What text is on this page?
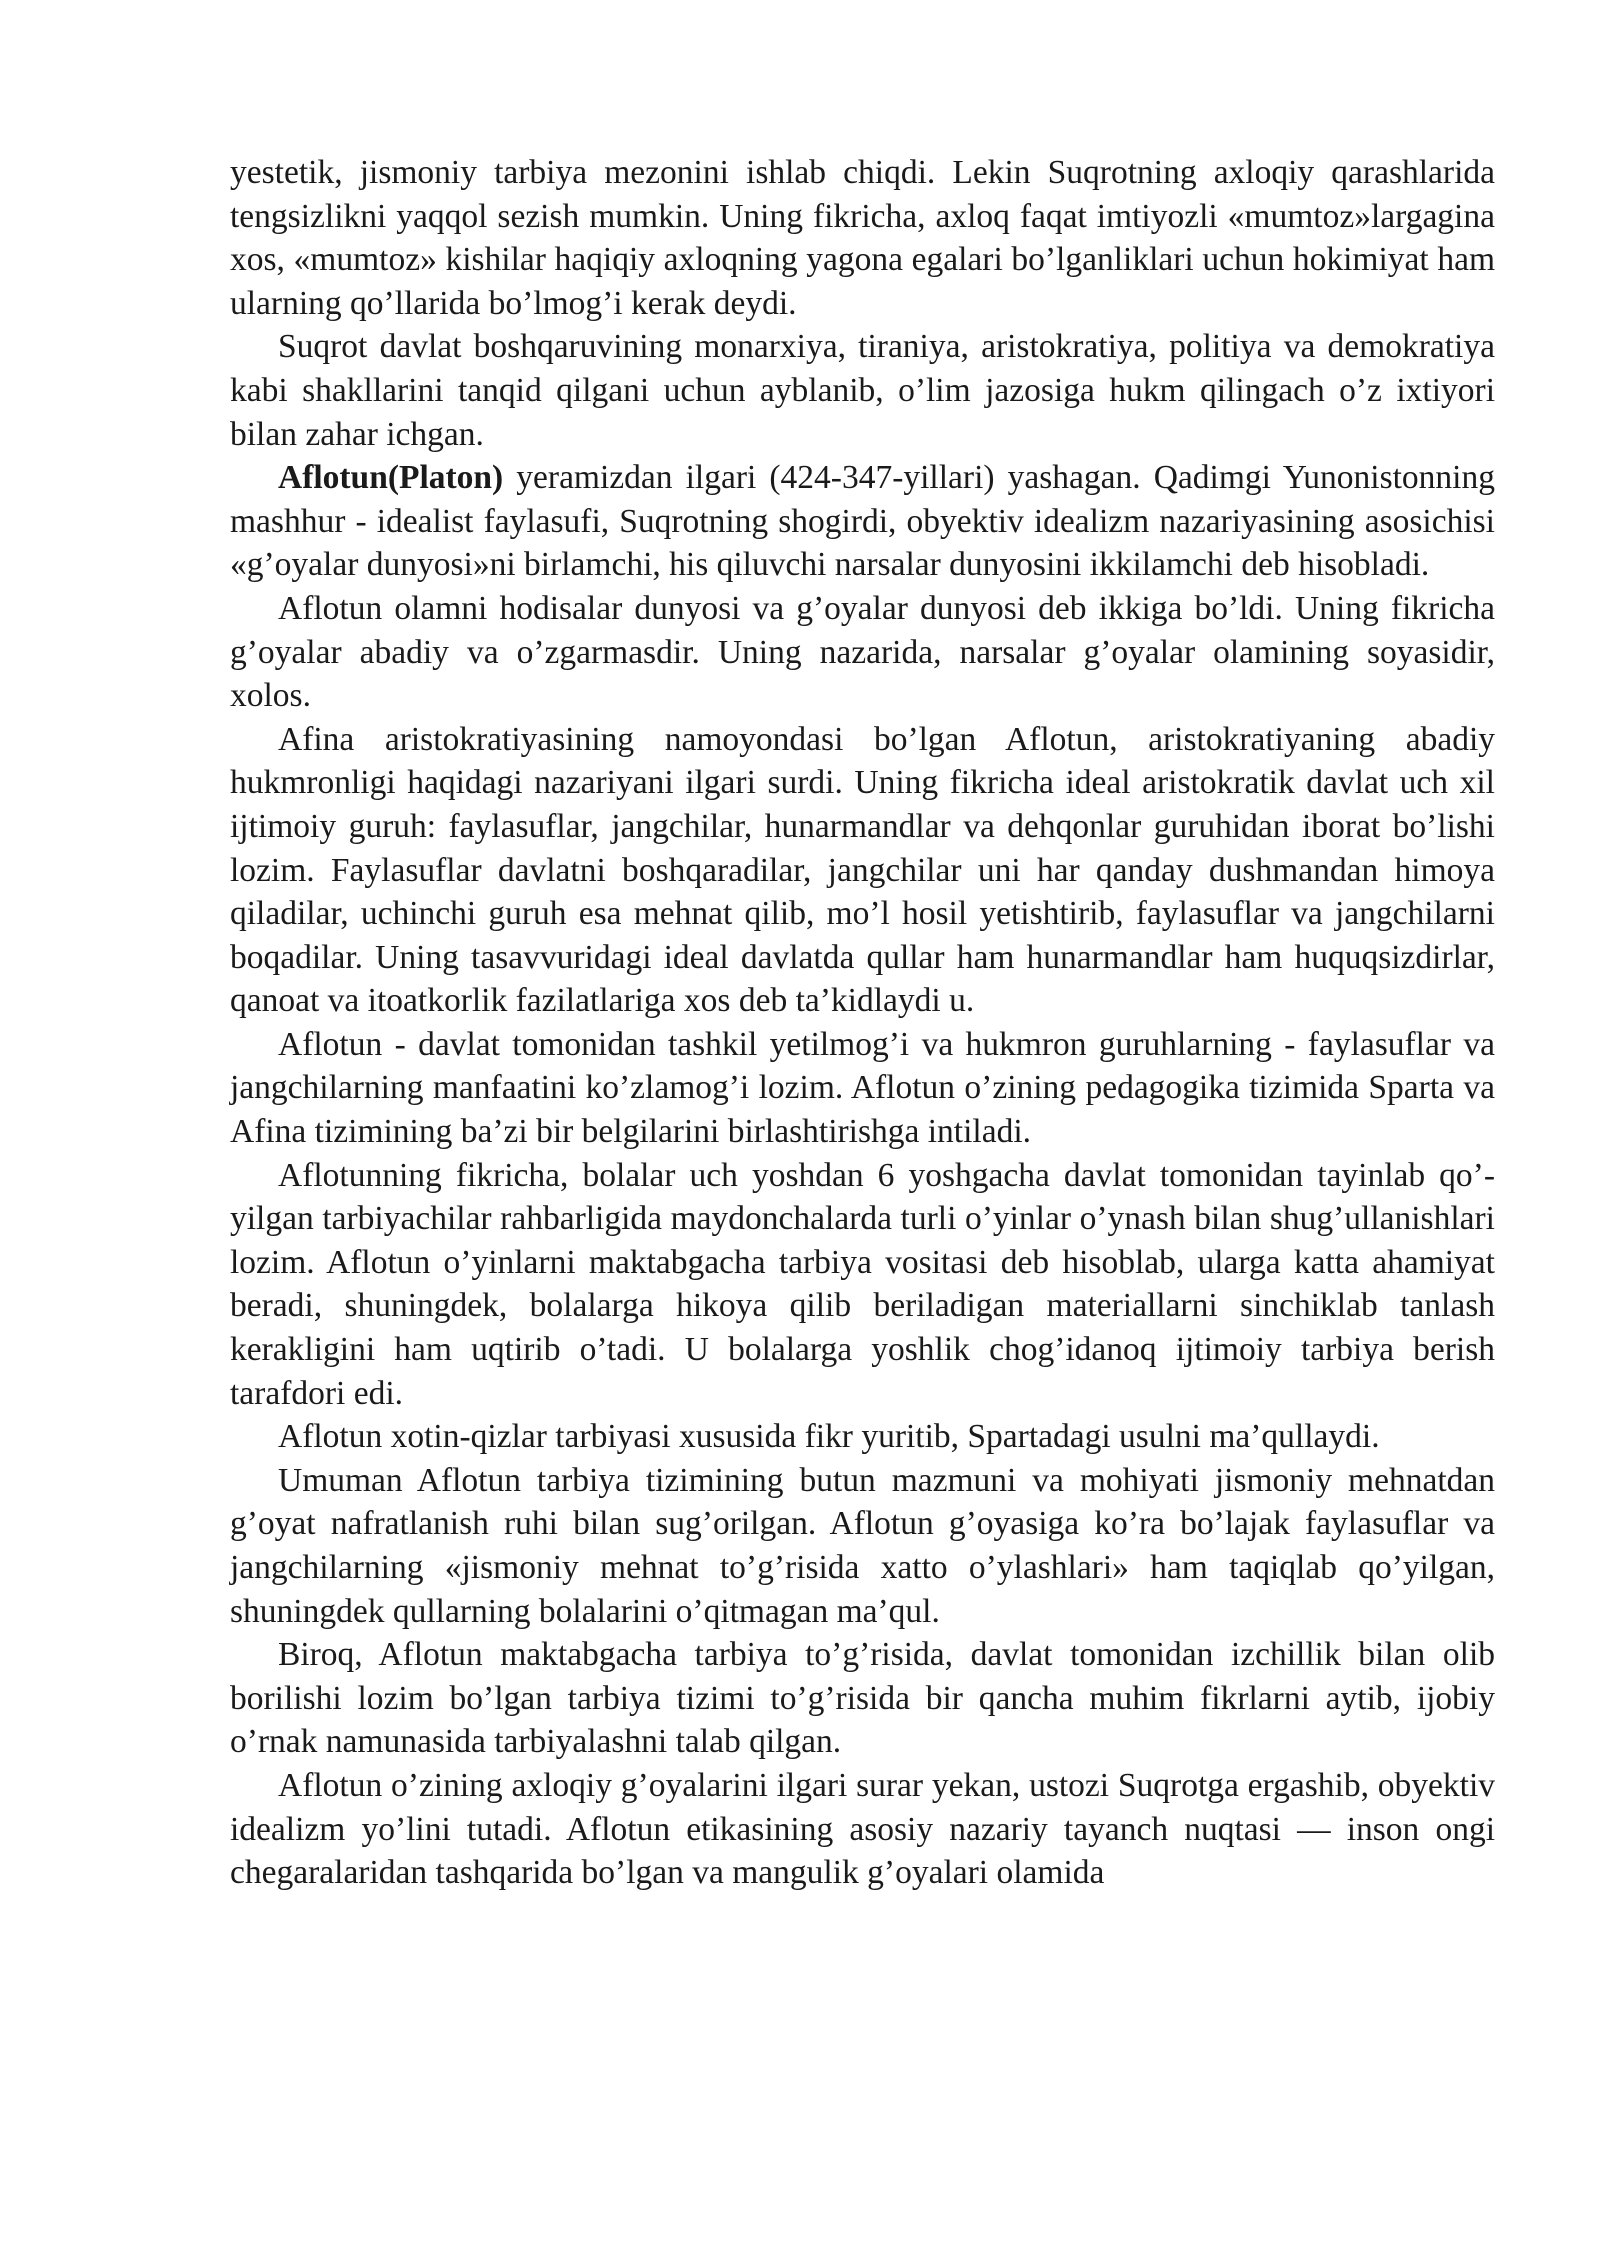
yestetik, jismoniy tarbiya mezonini ishlab chiqdi. Lekin Suqrotning axloqiy qarashlarida tengsizlikni yaqqol sezish mumkin. Uning fikricha, axloq faqat imtiyozli «mumtoz»largagina xos, «mumtoz» kishilar haqiqiy axloqning yagona egalari bo’lganliklari uchun hokimiyat ham ularning qo’llarida bo’lmog’i kerak deydi.

Suqrot davlat boshqaruvining monarxiya, tiraniya, aristokratiya, politiya va demokratiya kabi shakllarini tanqid qilgani uchun ayblanib, o’lim jazosiga hukm qilingach o’z ixtiyori bilan zahar ichgan.

Aflotun(Platon) yeramizdan ilgari (424-347-yillari) yashagan. Qadimgi Yunonistonning mashhur - idealist faylasufi, Suqrotning shogirdi, obyektiv idealizm nazariyasining asosichisi «g’oyalar dunyosi»ni birlamchi, his qiluvchi narsalar dunyosini ikkilamchi deb hisobladi.

Aflotun olamni hodisalar dunyosi va g’oyalar dunyosi deb ikkiga bo’ldi. Uning fikricha g’oyalar abadiy va o’zgarmasdir. Uning nazarida, narsalar g’oyalar olamining soyasidir, xolos.

Afina aristokratiyasining namoyondasi bo’lgan Aflotun, aristokratiyaning abadiy hukmronligi haqidagi nazariyani ilgari surdi. Uning fikricha ideal aristokratik davlat uch xil ijtimoiy guruh: faylasuflar, jangchilar, hunarmandlar va dehqonlar guruhidan iborat bo’lishi lozim. Faylasuflar davlatni boshqaradilar, jangchilar uni har qanday dushmandan himoya qiladilar, uchinchi guruh esa mehnat qilib, mo’l hosil yetishtirib, faylasuflar va jangchilarni boqadilar. Uning tasavvuridagi ideal davlatda qullar ham hunarmandlar ham huquqsizdirlar, qanoat va itoatkorlik fazilatlariga xos deb ta’kidlaydi u.

Aflotun - davlat tomonidan tashkil yetilmog’i va hukmron guruhlarning - faylasuflar va jangchilarning manfaatini ko’zlamog’i lozim. Aflotun o’zining pedagogika tizimida Sparta va Afina tizimining ba’zi bir belgilarini birlashtirishga intiladi.

Aflotunning fikricha, bolalar uch yoshdan 6 yoshgacha davlat tomonidan tayinlab qo’-yilgan tarbiyachilar rahbarligida maydonchalarda turli o’yinlar o’ynash bilan shug’ullanishlari lozim. Aflotun o’yinlarni maktabgacha tarbiya vositasi deb hisoblab, ularga katta ahamiyat beradi, shuningdek, bolalarga hikoya qilib beriladigan materiallarni sinchiklab tanlash kerakligini ham uqtirib o’tadi. U bolalarga yoshlik chog’idanoq ijtimoiy tarbiya berish tarafdori edi.

Aflotun xotin-qizlar tarbiyasi xususida fikr yuritib, Spartadagi usulni ma’qullaydi.

Umuman Aflotun tarbiya tizimining butun mazmuni va mohiyati jismoniy mehnatdan g’oyat nafratlanish ruhi bilan sug’orilgan. Aflotun g’oyasiga ko’ra bo’lajak faylasuflar va jangchilarning «jismoniy mehnat to’g’risida xatto o’ylashlari» ham taqiqlab qo’yilgan, shuningdek qullarning bolalarini o’qitmagan ma’qul.

Biroq, Aflotun maktabgacha tarbiya to’g’risida, davlat tomonidan izchillik bilan olib borilishi lozim bo’lgan tarbiya tizimi to’g’risida bir qancha muhim fikrlarni aytib, ijobiy o’rnak namunasida tarbiyalashni talab qilgan.

Aflotun o’zining axloqiy g’oyalarini ilgari surar yekan, ustozi Suqrotga ergashib, obyektiv idealizm yo’lini tutadi. Aflotun etikasining asosiy nazariy tayanch nuqtasi — inson ongi chegaralaridan tashqarida bo’lgan va mangulik g’oyalari olamida
